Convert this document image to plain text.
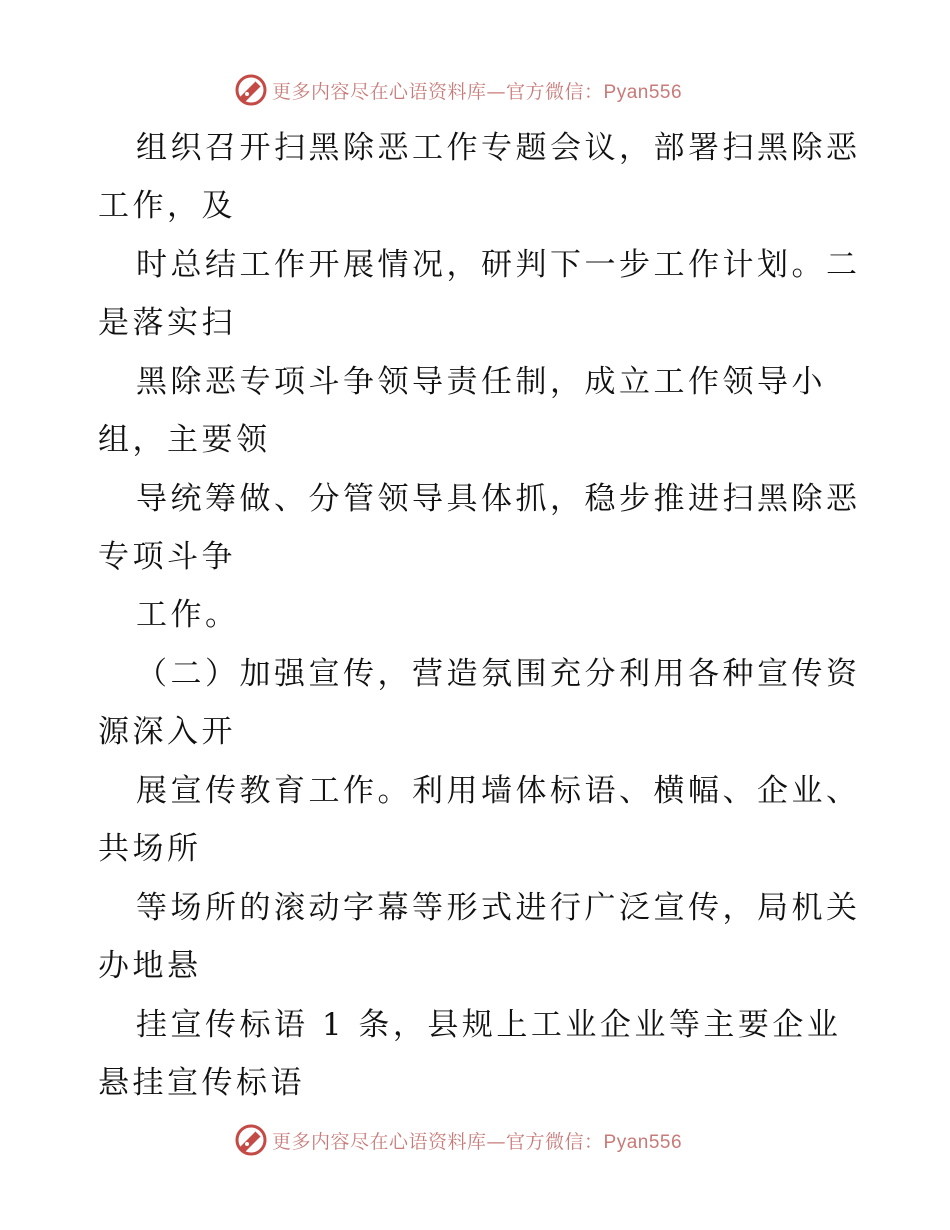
更多内容尽在心语资料库—官方微信：Pyan556
组织召开扫黑除恶工作专题会议，部署扫黑除恶
工作，及
时总结工作开展情况，研判下一步工作计划。二
是落实扫
黑除恶专项斗争领导责任制，成立工作领导小
组，主要领
导统筹做、分管领导具体抓，稳步推进扫黑除恶
专项斗争
工作。
（二）加强宣传，营造氛围充分利用各种宣传资
源深入开
展宣传教育工作。利用墙体标语、横幅、企业、
共场所
等场所的滚动字幕等形式进行广泛宣传，局机关
办地悬
挂宣传标语 1 条，县规上工业企业等主要企业
悬挂宣传标语
更多内容尽在心语资料库—官方微信：Pyan556
